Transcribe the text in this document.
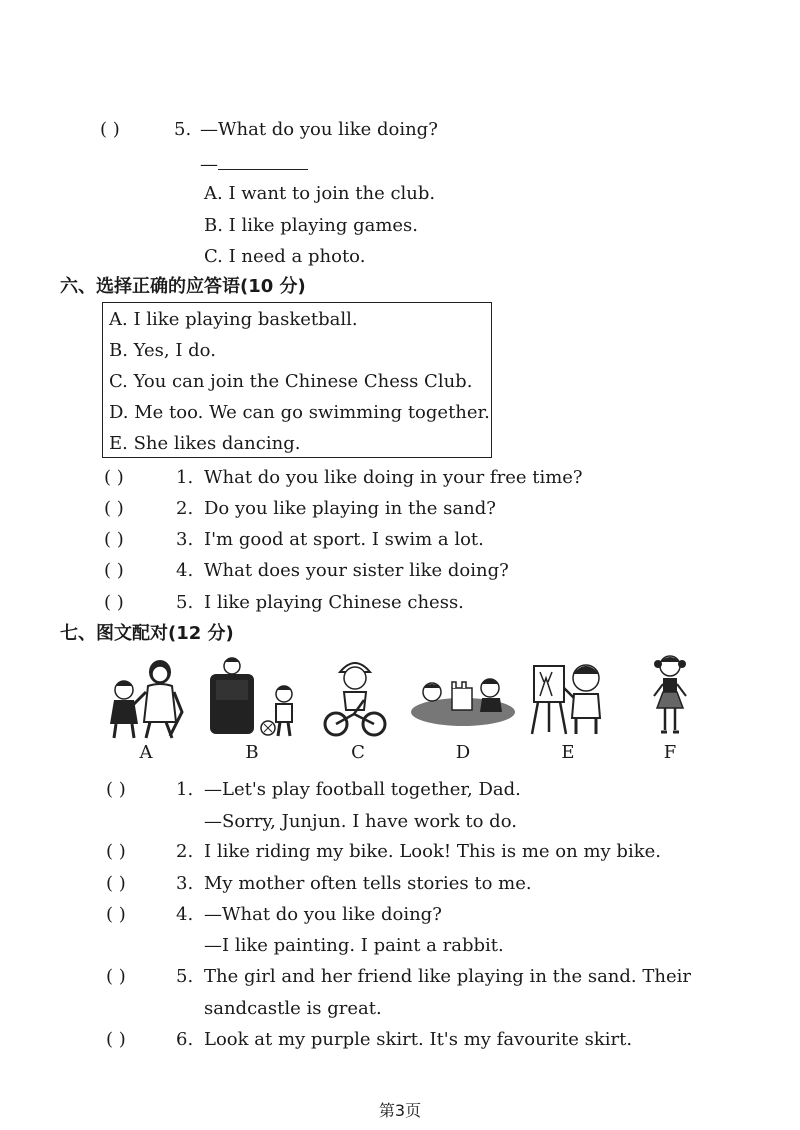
( )	5. —What do you like doing?
—
A. I want to join the club.
B. I like playing games.
C. I need a photo.
六、选择正确的应答语(10 分)
A. I like playing basketball.
B. Yes, I do.
C. You can join the Chinese Chess Club.
D. Me too. We can go swimming together.
E. She likes dancing.
( )	1. What do you like doing in your free time?
( )	2. Do you like playing in the sand?
( )	3. I'm good at sport. I swim a lot.
( )	4. What does your sister like doing?
( )	5. I like playing Chinese chess.
七、图文配对(12 分)
A	B	C	D	E	F
( )	1. —Let's play football together, Dad.
—Sorry, Junjun. I have work to do.
( )	2. I like riding my bike. Look! This is me on my bike.
( )	3. My mother often tells stories to me.
( )	4. —What do you like doing?
—I like painting. I paint a rabbit.
( )	5. The girl and her friend like playing in the sand. Their
sandcastle is great.
( )	6. Look at my purple skirt. It's my favourite skirt.
第3页
